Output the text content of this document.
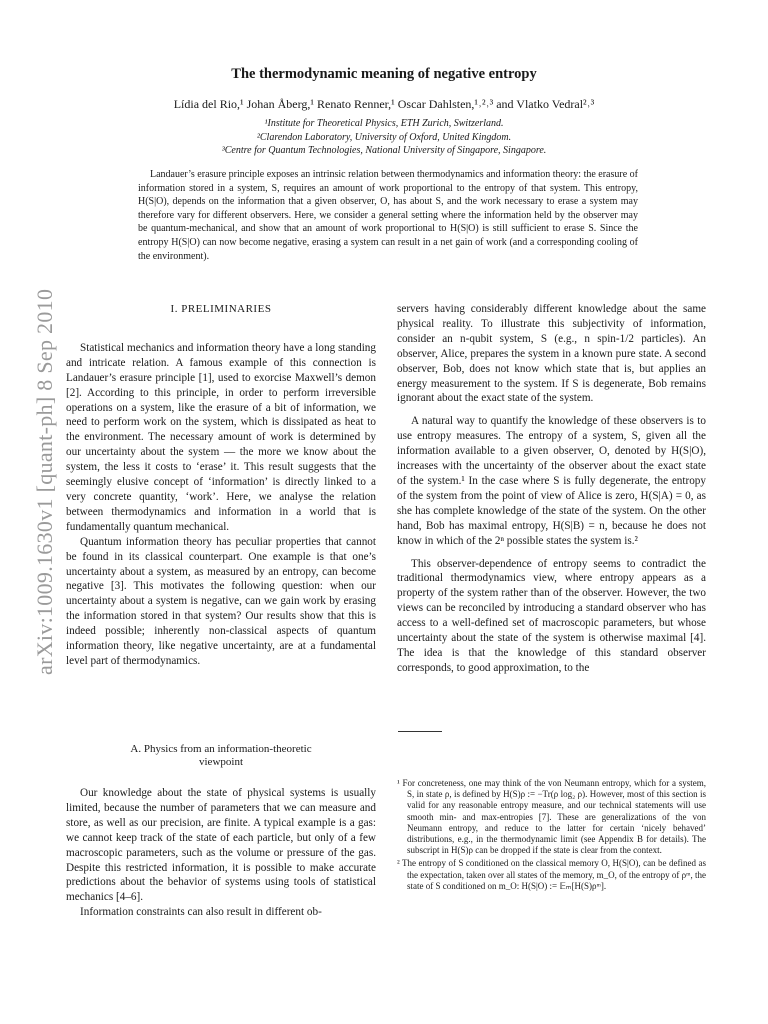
arXiv:1009.1630v1 [quant-ph] 8 Sep 2010
The thermodynamic meaning of negative entropy
Lídia del Rio,¹ Johan Åberg,¹ Renato Renner,¹ Oscar Dahlsten,¹˒²˒³ and Vlatko Vedral²˒³
¹Institute for Theoretical Physics, ETH Zurich, Switzerland.
²Clarendon Laboratory, University of Oxford, United Kingdom.
³Centre for Quantum Technologies, National University of Singapore, Singapore.
Landauer’s erasure principle exposes an intrinsic relation between thermodynamics and information theory: the erasure of information stored in a system, S, requires an amount of work proportional to the entropy of that system. This entropy, H(S|O), depends on the information that a given observer, O, has about S, and the work necessary to erase a system may therefore vary for different observers. Here, we consider a general setting where the information held by the observer may be quantum-mechanical, and show that an amount of work proportional to H(S|O) is still sufficient to erase S. Since the entropy H(S|O) can now become negative, erasing a system can result in a net gain of work (and a corresponding cooling of the environment).
I. PRELIMINARIES

Statistical mechanics and information theory have a long standing and intricate relation. A famous example of this connection is Landauer’s erasure principle [1], used to exorcise Maxwell’s demon [2]. According to this principle, in order to perform irreversible operations on a system, like the erasure of a bit of information, we need to perform work on the system, which is dissipated as heat to the environment. The necessary amount of work is determined by our uncertainty about the system — the more we know about the system, the less it costs to ‘erase’ it. This result suggests that the seemingly elusive concept of ‘information’ is directly linked to a very concrete quantity, ‘work’. Here, we analyse the relation between thermodynamics and information in a world that is fundamentally quantum mechanical.

Quantum information theory has peculiar properties that cannot be found in its classical counterpart. One example is that one’s uncertainty about a system, as measured by an entropy, can become negative [3]. This motivates the following question: when our uncertainty about a system is negative, can we gain work by erasing the information stored in that system? Our results show that this is indeed possible; inherently non-classical aspects of quantum information theory, like negative uncertainty, are at a fundamental level part of thermodynamics.

A. Physics from an information-theoretic
viewpoint

Our knowledge about the state of physical systems is usually limited, because the number of parameters that we can measure and store, as well as our precision, are finite. A typical example is a gas: we cannot keep track of the state of each particle, but only of a few macroscopic parameters, such as the volume or pressure of the gas. Despite this restricted information, it is possible to make accurate predictions about the behavior of systems using tools of statistical mechanics [4–6].

Information constraints can also result in different ob-

servers having considerably different knowledge about the same physical reality. To illustrate this subjectivity of information, consider an n-qubit system, S (e.g., n spin-1/2 particles). An observer, Alice, prepares the system in a known pure state. A second observer, Bob, does not know which state that is, but applies an energy measurement to the system. If S is degenerate, Bob remains ignorant about the exact state of the system.

A natural way to quantify the knowledge of these observers is to use entropy measures. The entropy of a system, S, given all the information available to a given observer, O, denoted by H(S|O), increases with the uncertainty of the observer about the exact state of the system.¹ In the case where S is fully degenerate, the entropy of the system from the point of view of Alice is zero, H(S|A) = 0, as she has complete knowledge of the state of the system. On the other hand, Bob has maximal entropy, H(S|B) = n, because he does not know in which of the 2ⁿ possible states the system is.²

This observer-dependence of entropy seems to contradict the traditional thermodynamics view, where entropy appears as a property of the system rather than of the observer. However, the two views can be reconciled by introducing a standard observer who has access to a well-defined set of macroscopic parameters, but whose uncertainty about the state of the system is otherwise maximal [4]. The idea is that the knowledge of this standard observer corresponds, to good approximation, to the

¹ For concreteness, one may think of the von Neumann entropy, which for a system, S, in state ρ, is defined by H(S)ρ := −Tr(ρ log₂ ρ). However, most of this section is valid for any reasonable entropy measure, and our technical statements will use smooth min- and max-entropies [7]. These are generalizations of the von Neumann entropy, and reduce to the latter for certain ‘nicely behaved’ distributions, e.g., in the thermodynamic limit (see Appendix B for details). The subscript in H(S)ρ can be dropped if the state is clear from the context.

² The entropy of S conditioned on the classical memory O, H(S|O), can be defined as the expectation, taken over all states of the memory, m_O, of the entropy of ρᵐ, the state of S conditioned on m_O: H(S|O) := 𝔼ₘ[H(S)ρᵐ].
